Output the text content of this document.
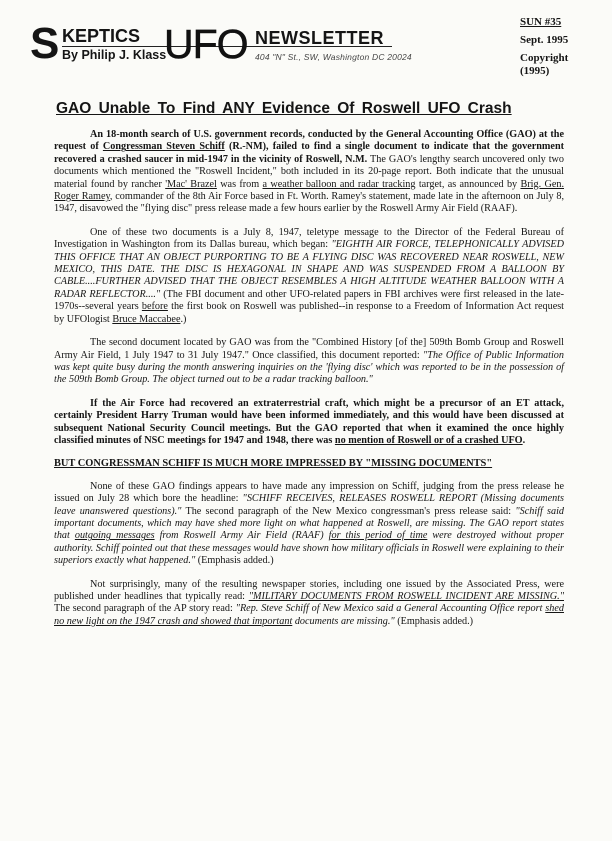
S KEPTICS
By Philip J. Klass
UFO NEWSLETTER
404 "N" St., SW, Washington DC 20024
SUN #35
Sept. 1995
Copyright
(1995)
GAO Unable To Find ANY Evidence Of Roswell UFO Crash

An 18-month search of U.S. government records, conducted by the General Accounting Office (GAO) at the request of Congressman Steven Schiff (R.-NM), failed to find a single document to indicate that the government recovered a crashed saucer in mid-1947 in the vicinity of Roswell, N.M. The GAO's lengthy search uncovered only two documents which mentioned the "Roswell Incident," both included in its 20-page report. Both indicate that the unusual material found by rancher 'Mac' Brazel was from a weather balloon and radar tracking target, as announced by Brig. Gen. Roger Ramey, commander of the 8th Air Force based in Ft. Worth. Ramey's statement, made late in the afternoon on July 8, 1947, disavowed the "flying disc" press release made a few hours earlier by the Roswell Army Air Field (RAAF).

One of these two documents is a July 8, 1947, teletype message to the Director of the Federal Bureau of Investigation in Washington from its Dallas bureau, which began: "EIGHTH AIR FORCE, TELEPHONICALLY ADVISED THIS OFFICE THAT AN OBJECT PURPORTING TO BE A FLYING DISC WAS RECOVERED NEAR ROSWELL, NEW MEXICO, THIS DATE. THE DISC IS HEXAGONAL IN SHAPE AND WAS SUSPENDED FROM A BALLOON BY CABLE....FURTHER ADVISED THAT THE OBJECT RESEMBLES A HIGH ALTITUDE WEATHER BALLOON WITH A RADAR REFLECTOR...." (The FBI document and other UFO-related papers in FBI archives were first released in the late-1970s--several years before the first book on Roswell was published--in response to a Freedom of Information Act request by UFOlogist Bruce Maccabee.)

The second document located by GAO was from the "Combined History [of the] 509th Bomb Group and Roswell Army Air Field, 1 July 1947 to 31 July 1947." Once classified, this document reported: "The Office of Public Information was kept quite busy during the month answering inquiries on the 'flying disc' which was reported to be in the possession of the 509th Bomb Group. The object turned out to be a radar tracking balloon."

If the Air Force had recovered an extraterrestrial craft, which might be a precursor of an ET attack, certainly President Harry Truman would have been informed immediately, and this would have been discussed at subsequent National Security Council meetings. But the GAO reported that when it examined the once highly classified minutes of NSC meetings for 1947 and 1948, there was no mention of Roswell or of a crashed UFO.

BUT CONGRESSMAN SCHIFF IS MUCH MORE IMPRESSED BY "MISSING DOCUMENTS"

None of these GAO findings appears to have made any impression on Schiff, judging from the press release he issued on July 28 which bore the headline: "SCHIFF RECEIVES, RELEASES ROSWELL REPORT (Missing documents leave unanswered questions)." The second paragraph of the New Mexico congressman's press release said: "Schiff said important documents, which may have shed more light on what happened at Roswell, are missing. The GAO report states that outgoing messages from Roswell Army Air Field (RAAF) for this period of time were destroyed without proper authority. Schiff pointed out that these messages would have shown how military officials in Roswell were explaining to their superiors exactly what happened." (Emphasis added.)

Not surprisingly, many of the resulting newspaper stories, including one issued by the Associated Press, were published under headlines that typically read: "MILITARY DOCUMENTS FROM ROSWELL INCIDENT ARE MISSING." The second paragraph of the AP story read: "Rep. Steve Schiff of New Mexico said a General Accounting Office report shed no new light on the 1947 crash and showed that important documents are missing." (Emphasis added.)
